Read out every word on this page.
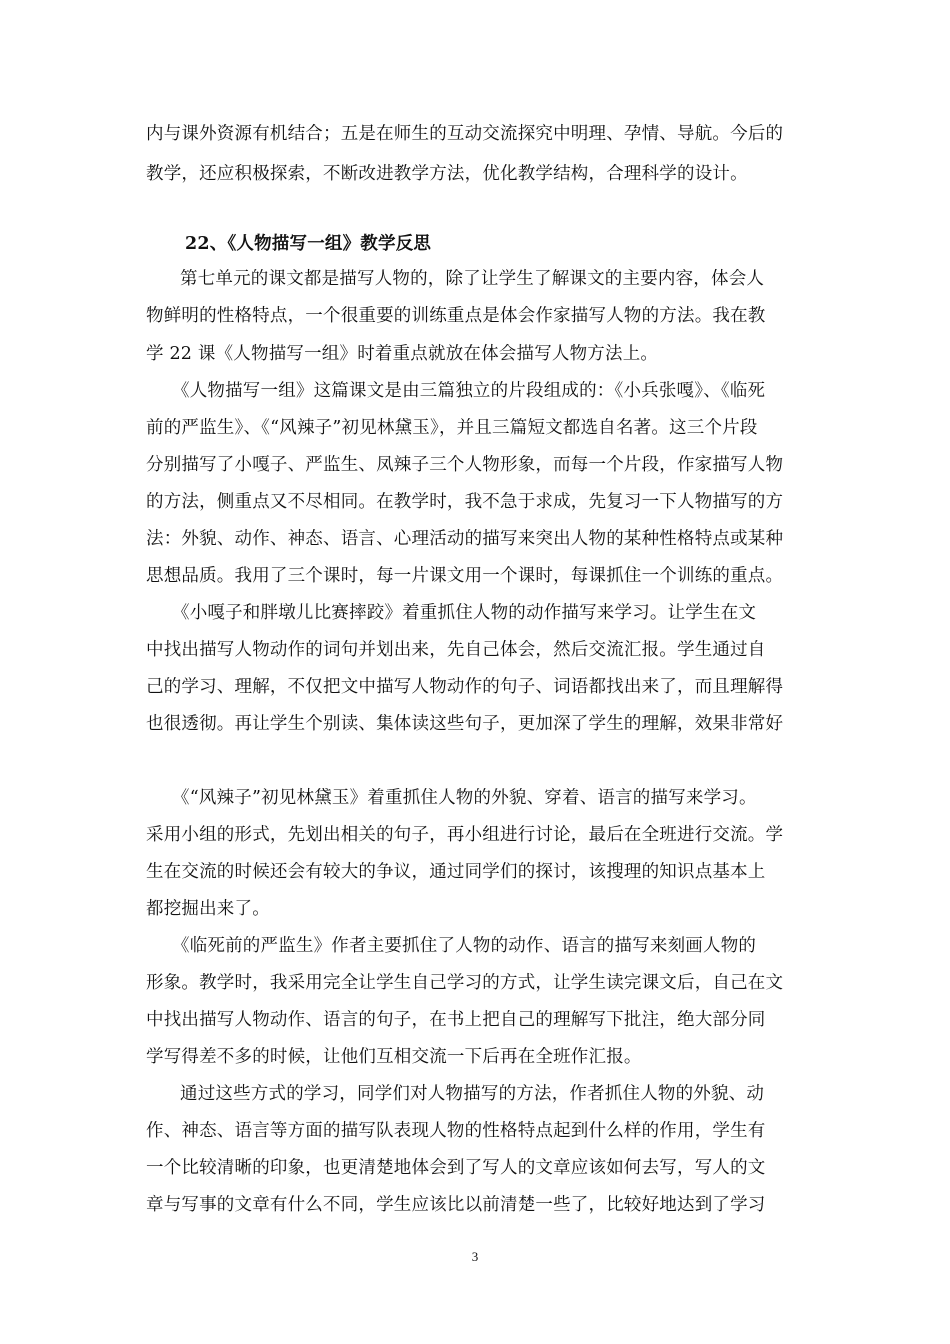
内与课外资源有机结合；五是在师生的互动交流探究中明理、孕情、导航。今后的
教学，还应积极探索，不断改进教学方法，优化教学结构，合理科学的设计。
22、《人物描写一组》教学反思
第七单元的课文都是描写人物的，除了让学生了解课文的主要内容，体会人
物鲜明的性格特点，一个很重要的训练重点是体会作家描写人物的方法。我在教
学 22 课《人物描写一组》时着重点就放在体会描写人物方法上。
《人物描写一组》这篇课文是由三篇独立的片段组成的：《小兵张嘎》、《临死
前的严监生》、《“风辣子”初见林黛玉》，并且三篇短文都选自名著。这三个片段
分别描写了小嘎子、严监生、凤辣子三个人物形象，而每一个片段，作家描写人物
的方法，侧重点又不尽相同。在教学时，我不急于求成，先复习一下人物描写的方
法：外貌、动作、神态、语言、心理活动的描写来突出人物的某种性格特点或某种
思想品质。我用了三个课时，每一片课文用一个课时，每课抓住一个训练的重点。
《小嘎子和胖墩儿比赛摔跤》着重抓住人物的动作描写来学习。让学生在文
中找出描写人物动作的词句并划出来，先自己体会，然后交流汇报。学生通过自
己的学习、理解，不仅把文中描写人物动作的句子、词语都找出来了，而且理解得
也很透彻。再让学生个别读、集体读这些句子，更加深了学生的理解，效果非常好
《“风辣子”初见林黛玉》着重抓住人物的外貌、穿着、语言的描写来学习。
采用小组的形式，先划出相关的句子，再小组进行讨论，最后在全班进行交流。学
生在交流的时候还会有较大的争议，通过同学们的探讨，该搜理的知识点基本上
都挖掘出来了。
《临死前的严监生》作者主要抓住了人物的动作、语言的描写来刻画人物的
形象。教学时，我采用完全让学生自己学习的方式，让学生读完课文后，自己在文
中找出描写人物动作、语言的句子，在书上把自己的理解写下批注，绝大部分同
学写得差不多的时候，让他们互相交流一下后再在全班作汇报。
通过这些方式的学习，同学们对人物描写的方法，作者抓住人物的外貌、动
作、神态、语言等方面的描写队表现人物的性格特点起到什么样的作用，学生有
一个比较清晰的印象，也更清楚地体会到了写人的文章应该如何去写，写人的文
章与写事的文章有什么不同，学生应该比以前清楚一些了，比较好地达到了学习
3
